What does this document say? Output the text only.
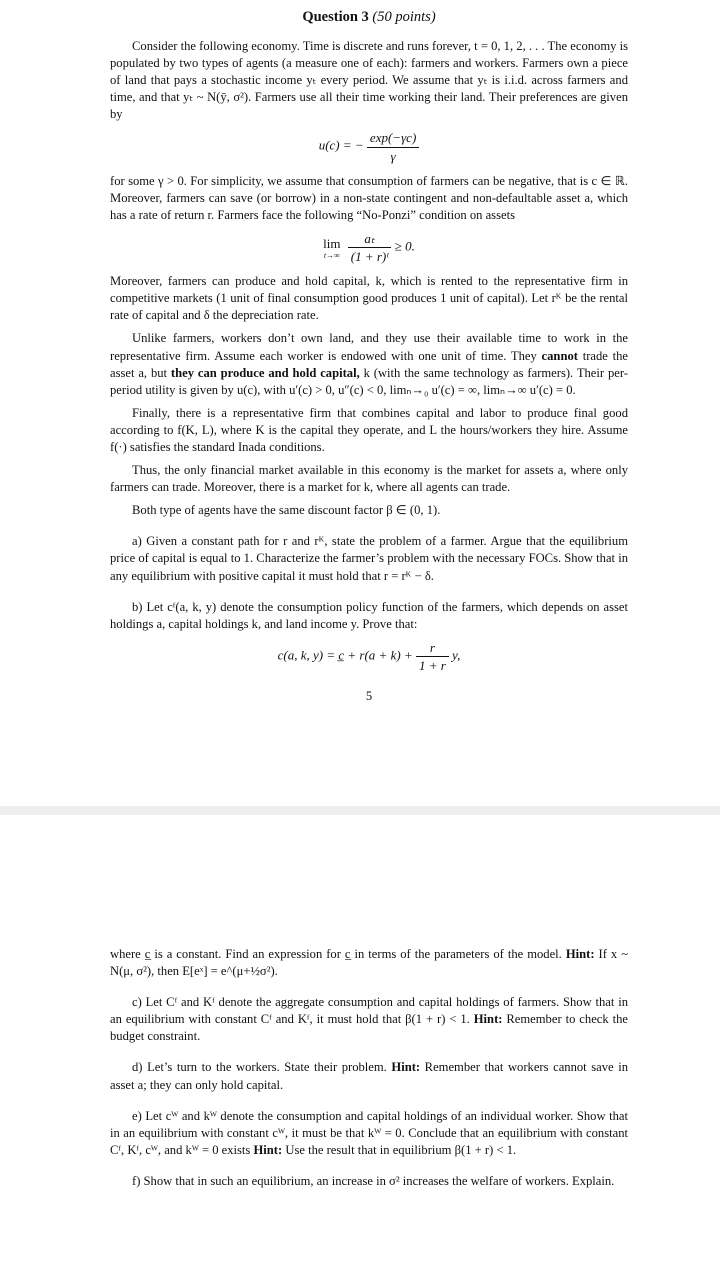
Question 3 (50 points)

Consider the following economy. Time is discrete and runs forever, t = 0, 1, 2, . . . The economy is populated by two types of agents (a measure one of each): farmers and workers. Farmers own a piece of land that pays a stochastic income yₜ every period. We assume that yₜ is i.i.d. across farmers and time, and that yₜ ~ N(ȳ, σ²). Farmers use all their time working their land. Their preferences are given by

u(c) = − $\frac{\exp(-\gamma c)}{\gamma}$

for some γ > 0. For simplicity, we assume that consumption of farmers can be negative, that is c ∈ ℝ. Moreover, farmers can save (or borrow) in a non-state contingent and non-defaultable asset a, which has a rate of return r. Farmers face the following “No-Ponzi” condition on assets

lim
t→∞
$\frac{\text{aₜ}}{\text{(1 + r)ᵗ}} \ge 0$.

Moreover, farmers can produce and hold capital, k, which is rented to the representative firm in competitive markets (1 unit of final consumption good produces 1 unit of capital). Let rᴷ be the rental rate of capital and δ the depreciation rate.

Unlike farmers, workers don’t own land, and they use their available time to work in the representative firm. Assume each worker is endowed with one unit of time. They cannot trade the asset a, but they can produce and hold capital, k (with the same technology as farmers). Their per-period utility is given by u(c), with u′(c) > 0, u″(c) < 0, limₙ→₀ u′(c) = ∞, limₙ→∞ u′(c) = 0.

Finally, there is a representative firm that combines capital and labor to produce final good according to f(K, L), where K is the capital they operate, and L the hours/workers they hire. Assume f(·) satisfies the standard Inada conditions.

Thus, the only financial market available in this economy is the market for assets a, where only farmers can trade. Moreover, there is a market for k, where all agents can trade.

Both type of agents have the same discount factor β ∈ (0, 1).

a) Given a constant path for r and rᴷ, state the problem of a farmer. Argue that the equilibrium price of capital is equal to 1. Characterize the farmer’s problem with the necessary FOCs. Show that in any equilibrium with positive capital it must hold that r = rᴷ − δ.

b) Let cᶠ(a, k, y) denote the consumption policy function of the farmers, which depends on asset holdings a, capital holdings k, and land income y. Prove that:

c(a, k, y) = c̲ + $r(a + k) + \frac{r}{1 + r} y$,

5

where c̲ is a constant. Find an expression for c̲ in terms of the parameters of the model. Hint: If x ~ N(μ, σ²), then E[eˣ] = e^(μ+½σ²).

c) Let Cᶠ and Kᶠ denote the aggregate consumption and capital holdings of farmers. Show that in an equilibrium with constant Cᶠ and Kᶠ, it must hold that β(1 + r) < 1. Hint: Remember to check the budget constraint.

d) Let’s turn to the workers. State their problem. Hint: Remember that workers cannot save in asset a; they can only hold capital.

e) Let cᵂ and kᵂ denote the consumption and capital holdings of an individual worker. Show that in an equilibrium with constant cᵂ, it must be that kᵂ = 0. Conclude that an equilibrium with constant Cᶠ, Kᶠ, cᵂ, and kᵂ = 0 exists Hint: Use the result that in equilibrium β(1 + r) < 1.

f) Show that in such an equilibrium, an increase in σ² increases the welfare of workers. Explain.
